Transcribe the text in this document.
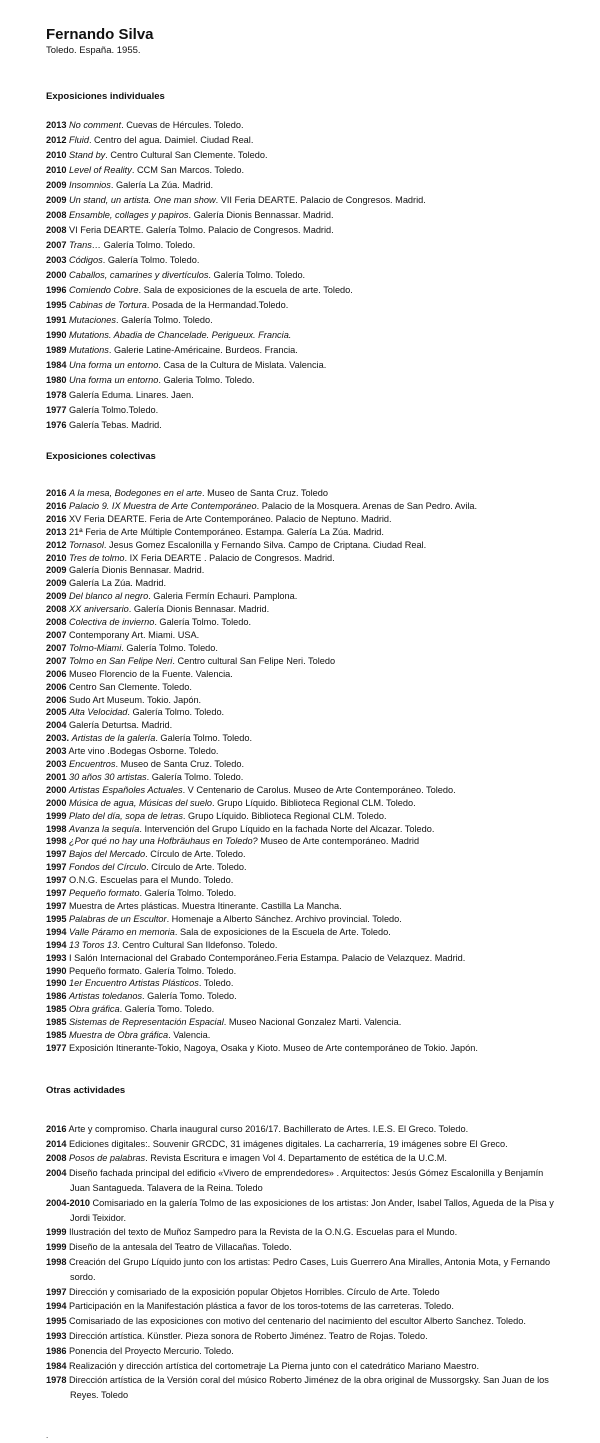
Fernando Silva

Toledo. España. 1955.

Exposiciones individuales
2013 No comment. Cuevas de Hércules. Toledo.
2012 Fluid. Centro del agua. Daimiel. Ciudad Real.
2010 Stand by. Centro Cultural San Clemente. Toledo.
2010 Level of Reality. CCM San Marcos. Toledo.
2009 Insomnios. Galería La Zúa. Madrid.
2009 Un stand, un artista. One man show. VII Feria DEARTE. Palacio de Congresos. Madrid.
2008 Ensamble, collages y papiros. Galería Dionis Bennassar. Madrid.
2008 VI Feria DEARTE. Galería Tolmo. Palacio de Congresos. Madrid.
2007 Trans… Galería Tolmo. Toledo.
2003 Códigos. Galería Tolmo. Toledo.
2000 Caballos, camarines y divertículos. Galería Tolmo. Toledo.
1996 Comiendo Cobre. Sala de exposiciones de la escuela de arte. Toledo.
1995 Cabinas de Tortura. Posada de la Hermandad.Toledo.
1991 Mutaciones. Galería Tolmo. Toledo.
1990 Mutations. Abadia de Chancelade. Perigueux. Francia.
1989 Mutations. Galerie Latine-Américaine. Burdeos. Francia.
1984 Una forma un entorno. Casa de la Cultura de Mislata. Valencia.
1980 Una forma un entorno. Galeria Tolmo. Toledo.
1978 Galería Eduma. Linares. Jaen.
1977 Galería Tolmo.Toledo.
1976 Galería Tebas. Madrid.
Exposiciones colectivas
2016 A la mesa, Bodegones en el arte. Museo de Santa Cruz. Toledo
2016 Palacio 9. IX Muestra de Arte Contemporáneo. Palacio de la Mosquera. Arenas de San Pedro. Avila.
2016 XV Feria DEARTE. Feria de Arte Contemporáneo. Palacio de Neptuno. Madrid.
2013 21ª Feria de Arte Múltiple Contemporáneo. Estampa. Galería La Zúa. Madrid.
2012 Tornasol. Jesus Gomez Escalonilla y Fernando Silva. Campo de Criptana. Ciudad Real.
2010 Tres de tolmo. IX Feria DEARTE . Palacio de Congresos. Madrid.
2009 Galería Dionis Bennasar. Madrid.
2009 Galería La Zúa. Madrid.
2009 Del blanco al negro. Galeria Fermín Echauri. Pamplona.
2008 XX aniversario. Galería Dionis Bennasar. Madrid.
2008 Colectiva de invierno. Galería Tolmo. Toledo.
2007 Contemporany Art. Miami. USA.
2007 Tolmo-Miami. Galería Tolmo. Toledo.
2007 Tolmo en San Felipe Neri. Centro cultural San Felipe Neri. Toledo
2006 Museo Florencio de la Fuente. Valencia.
2006 Centro San Clemente. Toledo.
2006 Sudo Art Museum. Tokio. Japón.
2005 Alta Velocidad. Galería Tolmo. Toledo.
2004 Galería Deturtsa. Madrid.
2003. Artistas de la galería. Galería Tolmo. Toledo.
2003 Arte vino .Bodegas Osborne. Toledo.
2003 Encuentros. Museo de Santa Cruz. Toledo.
2001 30 años 30 artistas. Galería Tolmo. Toledo.
2000 Artistas Españoles Actuales. V Centenario de Carolus. Museo de Arte Contemporáneo. Toledo.
2000 Música de agua, Músicas del suelo. Grupo Líquido. Biblioteca Regional CLM. Toledo.
1999 Plato del día, sopa de letras. Grupo Líquido. Biblioteca Regional CLM. Toledo.
1998 Avanza la sequía. Intervención del Grupo Líquido en la fachada Norte del Alcazar. Toledo.
1998 ¿Por qué no hay una Hofbräuhaus en Toledo? Museo de Arte contemporáneo. Madrid
1997 Bajos del Mercado. Círculo de Arte. Toledo.
1997 Fondos del Círculo. Círculo de Arte. Toledo.
1997 O.N.G. Escuelas para el Mundo. Toledo.
1997 Pequeño formato. Galería Tolmo. Toledo.
1997 Muestra de Artes plásticas. Muestra Itinerante. Castilla La Mancha.
1995 Palabras de un Escultor. Homenaje a Alberto Sánchez. Archivo provincial. Toledo.
1994 Valle Páramo en memoria. Sala de exposiciones de la Escuela de Arte. Toledo.
1994 13 Toros 13. Centro Cultural San Ildefonso. Toledo.
1993 I Salón Internacional del Grabado Contemporáneo.Feria Estampa. Palacio de Velazquez. Madrid.
1990 Pequeño formato. Galería Tolmo. Toledo.
1990 1er Encuentro Artistas Plásticos. Toledo.
1986 Artistas toledanos. Galería Tomo. Toledo.
1985 Obra gráfica. Galería Tomo. Toledo.
1985 Sistemas de Representación Espacial. Museo Nacional Gonzalez Marti. Valencia.
1985 Muestra de Obra gráfica. Valencia.
1977 Exposición Itinerante-Tokio, Nagoya, Osaka y Kioto. Museo de Arte contemporáneo de Tokio. Japón.
Otras actividades
2016 Arte y compromiso. Charla inaugural curso 2016/17. Bachillerato de Artes. I.E.S. El Greco. Toledo.
2014 Ediciones digitales:. Souvenir GRCDC, 31 imágenes digitales. La cacharrería, 19 imágenes sobre El Greco.
2008 Posos de palabras. Revista Escritura e imagen Vol 4. Departamento de estética de la U.C.M.
2004 Diseño fachada principal del edificio «Vivero de emprendedores» . Arquitectos: Jesús Gómez Escalonilla y Benjamín Juan Santagueda. Talavera de la Reina. Toledo
2004-2010 Comisariado en la galería Tolmo de las exposiciones de los artistas: Jon Ander, Isabel Tallos, Agueda de la Pisa y Jordi Teixidor.
1999 Ilustración del texto de Muñoz Sampedro para la Revista de la O.N.G. Escuelas para el Mundo.
1999 Diseño de la antesala del Teatro de Villacañas. Toledo.
1998 Creación del Grupo Líquido junto con los artistas: Pedro Cases, Luis Guerrero Ana Miralles, Antonia Mota, y Fernando sordo.
1997 Dirección y comisariado de la exposición popular Objetos Horribles. Círculo de Arte. Toledo
1994 Participación en la Manifestación plástica a favor de los toros-totems de las carreteras. Toledo.
1995 Comisariado de las exposiciones con motivo del centenario del nacimiento del escultor Alberto Sanchez. Toledo.
1993 Dirección artística. Künstler. Pieza sonora de Roberto Jiménez. Teatro de Rojas. Toledo.
1986 Ponencia del Proyecto Mercurio. Toledo.
1984 Realización y dirección artística del cortometraje La Pierna junto con el catedrático Mariano Maestro.
1978 Dirección artística de la Versión coral del músico Roberto Jiménez de la obra original de Mussorgsky. San Juan de los Reyes. Toledo
.
